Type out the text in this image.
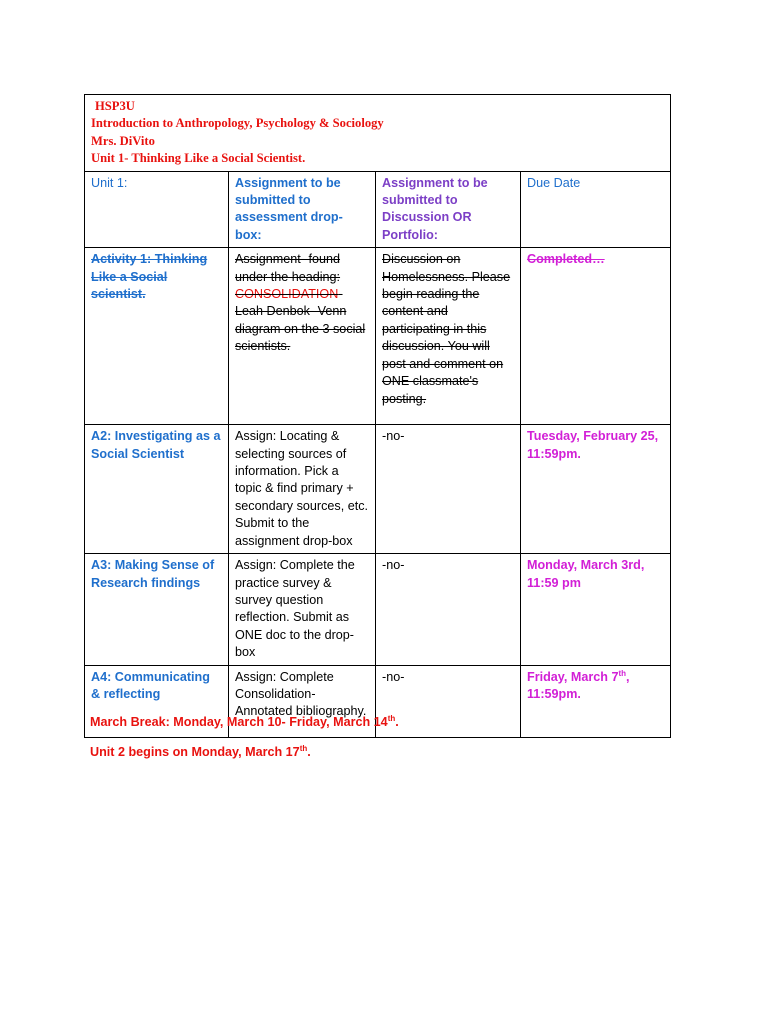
HSP3U
Introduction to Anthropology, Psychology & Sociology
Mrs. DiVito
Unit 1- Thinking Like a Social Scientist.			

Unit 1:	Assignment to be submitted to assessment drop-box:	Assignment to be submitted to Discussion OR Portfolio:	Due Date
Activity 1: Thinking Like a Social scientist.	Assignment- found under the heading: CONSOLIDATION- Leah Denbok- Venn diagram on the 3 social scientists.	Discussion on Homelessness. Please begin reading the content and participating in this discussion. You will post and comment on ONE classmate's posting.	Completed…
A2: Investigating as a Social Scientist	Assign: Locating & selecting sources of information. Pick a topic & find primary + secondary sources, etc. Submit to the assignment drop-box	-no-	Tuesday, February 25, 11:59pm.
A3: Making Sense of Research findings	Assign: Complete the practice survey & survey question reflection. Submit as ONE doc to the drop-box	-no-	Monday, March 3rd, 11:59 pm
A4: Communicating & reflecting	Assign: Complete Consolidation- Annotated bibliography.	-no-	Friday, March 7th, 11:59pm.

March Break: Monday, March 10- Friday, March 14th.

Unit 2 begins on Monday, March 17th.
